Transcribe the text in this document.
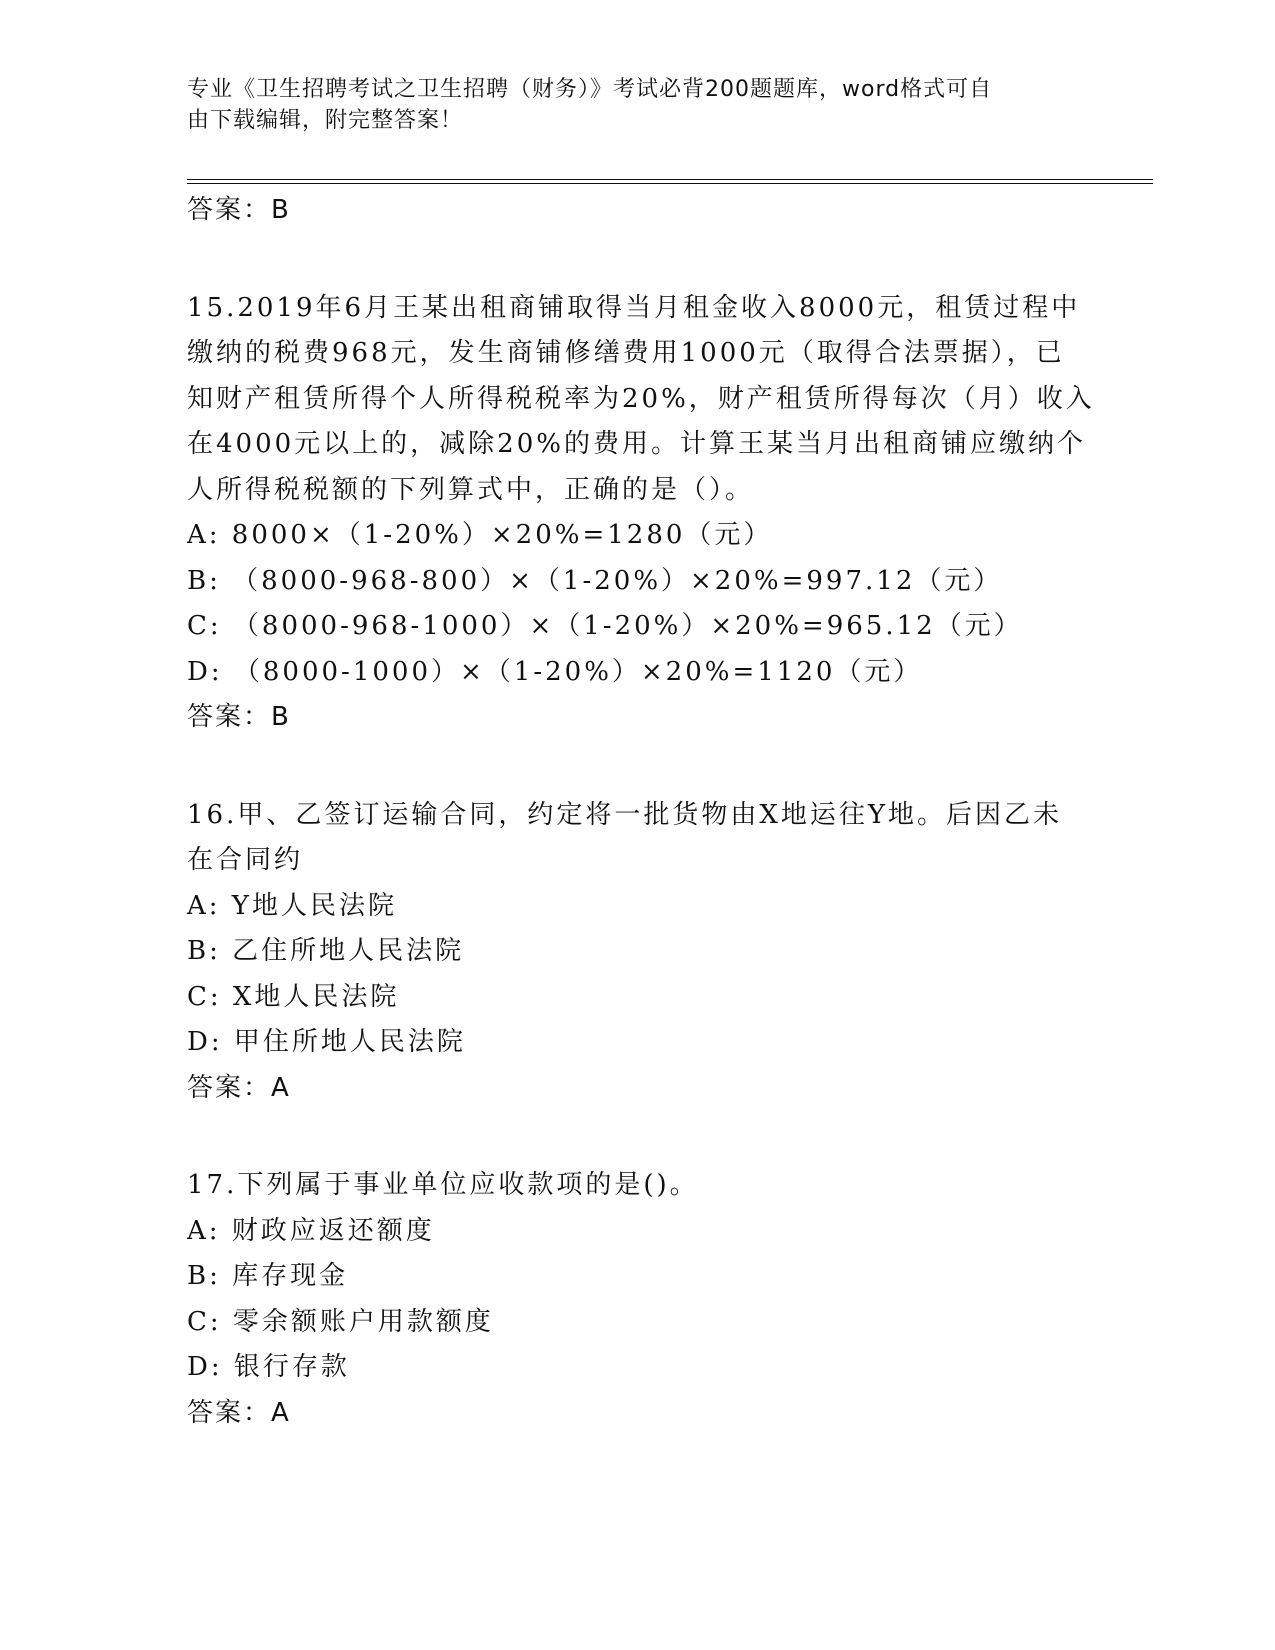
专业《卫生招聘考试之卫生招聘（财务）》考试必背200题题库，word格式可自
由下载编辑，附完整答案！
答案：B
15.2019年6月王某出租商铺取得当月租金收入8000元，租赁过程中
缴纳的税费968元，发生商铺修缮费用1000元（取得合法票据），已
知财产租赁所得个人所得税税率为20%，财产租赁所得每次（月）收入
在4000元以上的，减除20%的费用。计算王某当月出租商铺应缴纳个
人所得税税额的下列算式中，正确的是（）。
A: 8000×（1-20%）×20%=1280（元）
B: （8000-968-800）×（1-20%）×20%=997.12（元）
C: （8000-968-1000）×（1-20%）×20%=965.12（元）
D: （8000-1000）×（1-20%）×20%=1120（元）
答案：B
16.甲、乙签订运输合同，约定将一批货物由X地运往Y地。后因乙未
在合同约
A: Y地人民法院
B: 乙住所地人民法院
C: X地人民法院
D: 甲住所地人民法院
答案：A
17.下列属于事业单位应收款项的是()。
A: 财政应返还额度
B: 库存现金
C: 零余额账户用款额度
D: 银行存款
答案：A
